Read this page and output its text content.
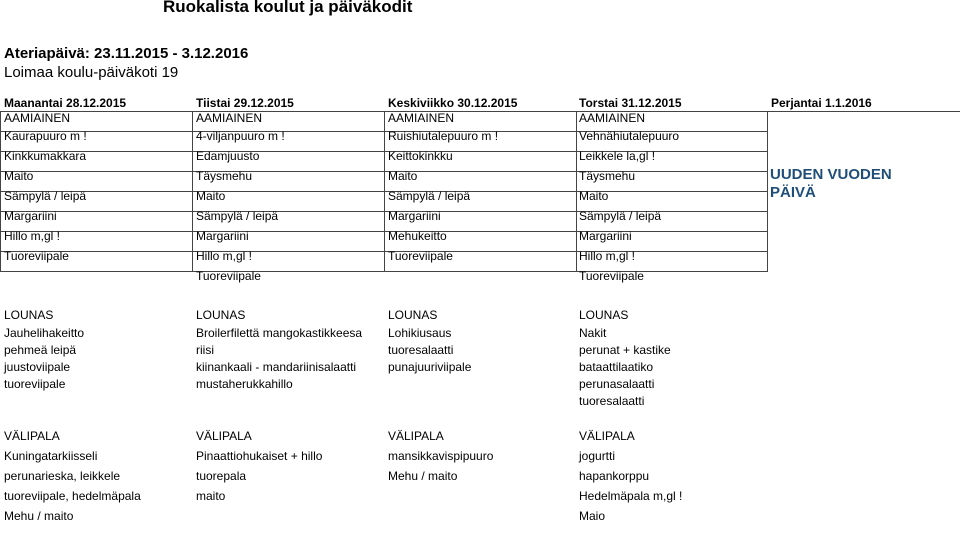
Ruokalista koulut ja päiväkodit
Ateriapäivä: 23.11.2015 - 3.12.2016
Loimaa koulu-päiväkoti 19
Maanantai 28.12.2015
AAMIAINEN
Kaurapuuro m !
Kinkkumakkara
Maito
Sämpylä / leipä
Margariini
Hillo m,gl !
Tuoreviipale
LOUNAS
Jauhelihakeitto
pehmeä leipä
juustoviipale
tuoreviipale
VÄLIPALA
Kuningatarkiisseli
perunarieska, leikkele
tuoreviipale, hedelmäpala
Mehu / maito
Tiistai 29.12.2015
AAMIAINEN
4-viljanpuuro m !
Edamjuusto
Täysmehu
Maito
Sämpylä / leipä
Margariini
Hillo m,gl !
Tuoreviipale
LOUNAS
Broilerfilettä mangokastikkeesa
riisi
kiinankaali - mandariinisalaatti
mustaherukkahillo
VÄLIPALA
Pinaattiohukaiset + hillo
tuorepala
maito
Keskiviikko 30.12.2015
AAMIAINEN
Ruishiutalepuuro m !
Keittokinkku
Maito
Sämpylä / leipä
Margariini
Mehukeitto
Tuoreviipale
LOUNAS
Lohikiusaus
tuoresalaatti
punajuuriviipale
VÄLIPALA
mansikkavispipuuro
Mehu / maito
Torstai 31.12.2015
AAMIAINEN
Vehnähiutalepuuro
Leikkele la,gl !
Täysmehu
Maito
Sämpylä / leipä
Margariini
Hillo m,gl !
Tuoreviipale
LOUNAS
Nakit
perunat + kastike
bataattilaatiko
perunasalaatti
tuoresalaatti
VÄLIPALA
jogurtti
hapankorppu
Hedelmäpala m,gl !
Maio
Perjantai 1.1.2016
UUDEN VUODEN
PÄIVÄ
